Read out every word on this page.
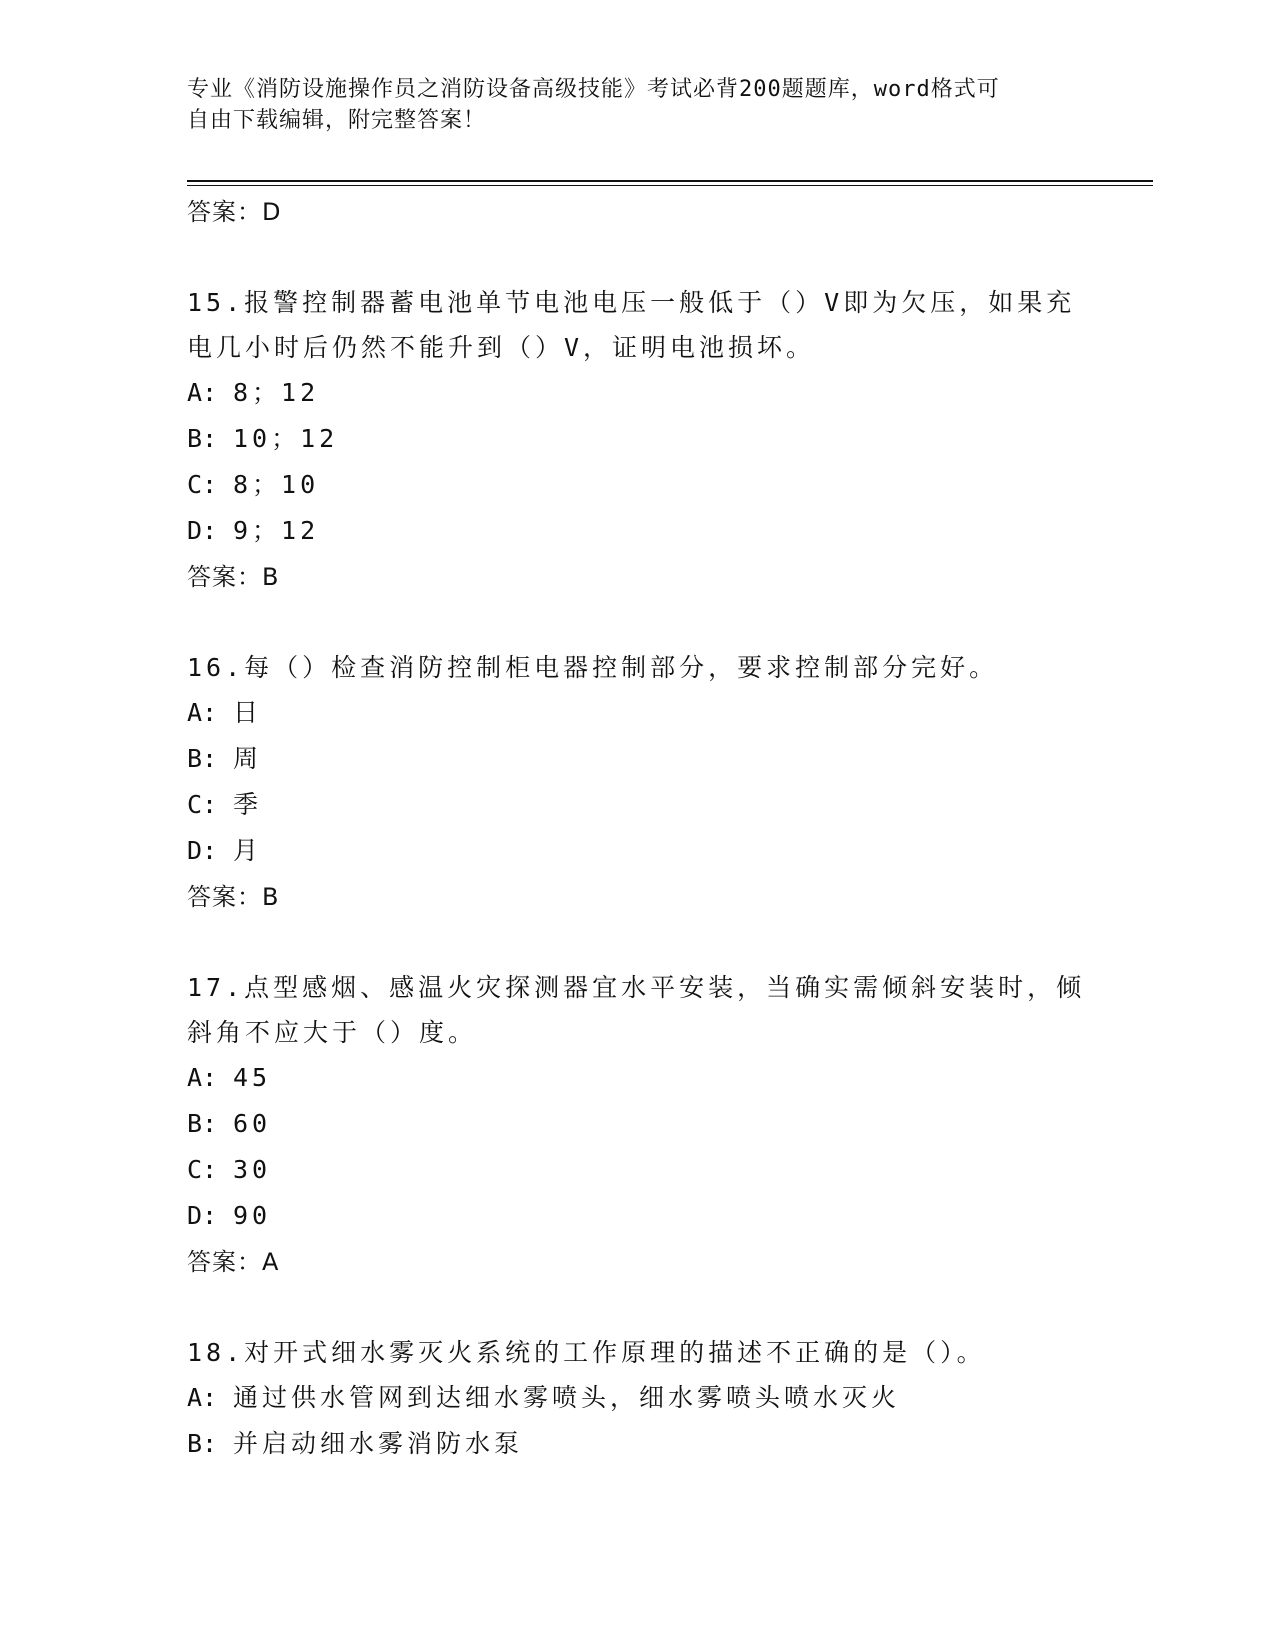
专业《消防设施操作员之消防设备高级技能》考试必背200题题库，word格式可
自由下载编辑，附完整答案！
答案：D
15.报警控制器蓄电池单节电池电压一般低于（）V即为欠压，如果充电几小时后仍然不能升到（）V，证明电池损坏。
A: 8；12
B: 10；12
C: 8；10
D: 9；12
答案：B
16.每（）检查消防控制柜电器控制部分，要求控制部分完好。
A: 日
B: 周
C: 季
D: 月
答案：B
17.点型感烟、感温火灾探测器宜水平安装，当确实需倾斜安装时，倾斜角不应大于（）度。
A: 45
B: 60
C: 30
D: 90
答案：A
18.对开式细水雾灭火系统的工作原理的描述不正确的是（）。
A: 通过供水管网到达细水雾喷头，细水雾喷头喷水灭火
B: 并启动细水雾消防水泵
